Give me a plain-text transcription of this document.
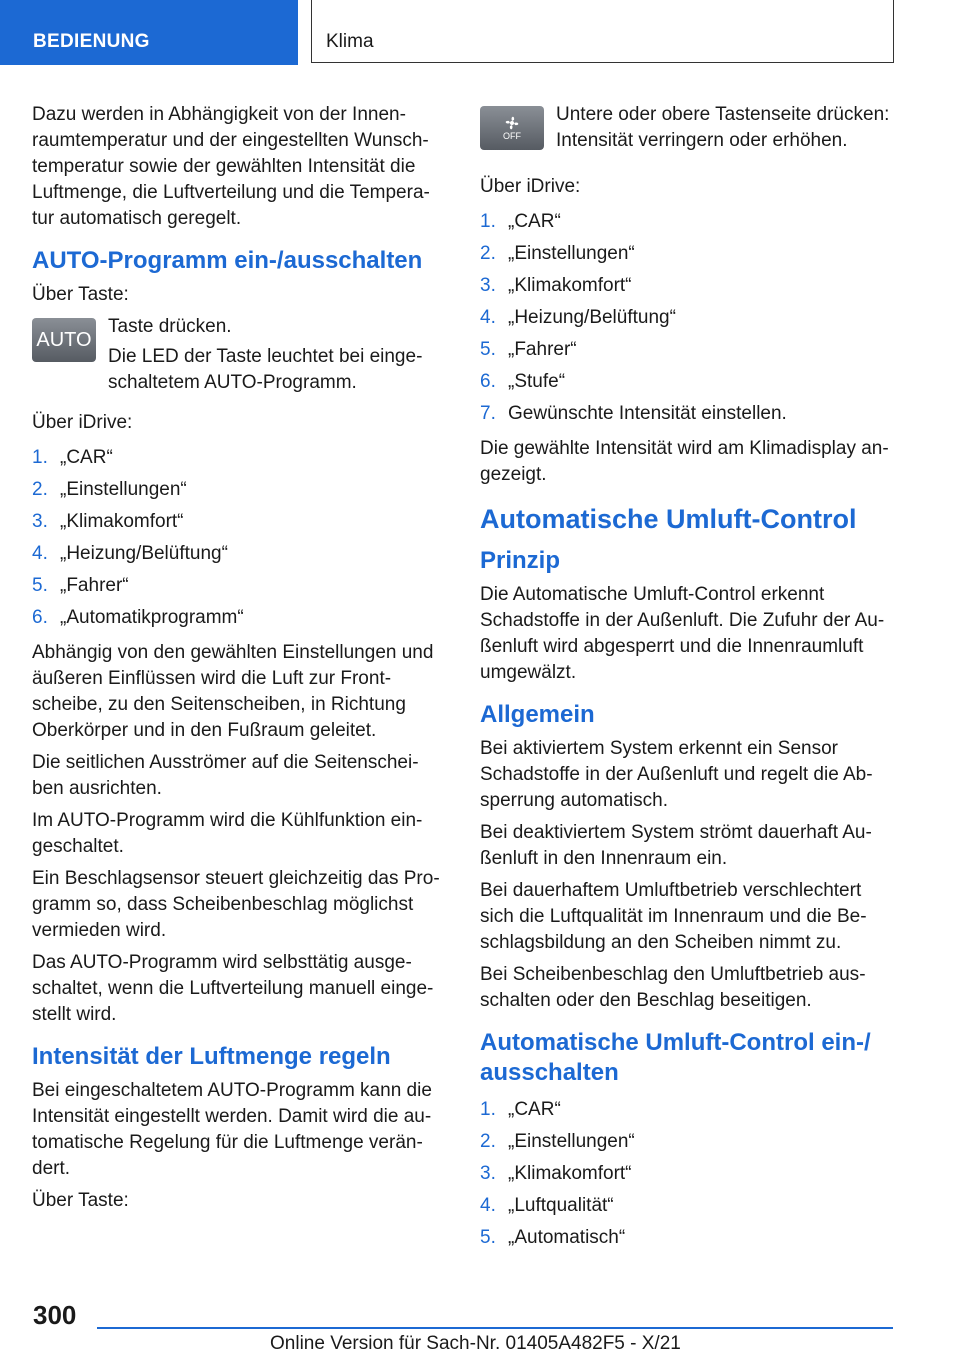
BEDIENUNG	Klima

Dazu werden in Abhängigkeit von der Innenraumtemperatur und der eingestellten Wunschtemperatur sowie der gewählten Intensität die Luftmenge, die Luftverteilung und die Temperatur automatisch geregelt.

AUTO-Programm ein-/ausschalten

Über Taste:

AUTO

Taste drücken.

Die LED der Taste leuchtet bei eingeschaltetem AUTO-Programm.

Über iDrive:

1. „CAR“
2. „Einstellungen“
3. „Klimakomfort“
4. „Heizung/Belüftung“
5. „Fahrer“
6. „Automatikprogramm“

Abhängig von den gewählten Einstellungen und äußeren Einflüssen wird die Luft zur Frontscheibe, zu den Seitenscheiben, in Richtung Oberkörper und in den Fußraum geleitet.

Die seitlichen Ausströmer auf die Seitenscheiben ausrichten.

Im AUTO-Programm wird die Kühlfunktion eingeschaltet.

Ein Beschlagsensor steuert gleichzeitig das Programm so, dass Scheibenbeschlag möglichst vermieden wird.

Das AUTO-Programm wird selbsttätig ausgeschaltet, wenn die Luftverteilung manuell eingestellt wird.

Intensität der Luftmenge regeln

Bei eingeschaltetem AUTO-Programm kann die Intensität eingestellt werden. Damit wird die automatische Regelung für die Luftmenge verändert.

Über Taste:

OFF

Untere oder obere Tastenseite drücken: Intensität verringern oder erhöhen.

Über iDrive:

1. „CAR“
2. „Einstellungen“
3. „Klimakomfort“
4. „Heizung/Belüftung“
5. „Fahrer“
6. „Stufe“
7. Gewünschte Intensität einstellen.

Die gewählte Intensität wird am Klimadisplay angezeigt.

Automatische Umluft-Control
Prinzip

Die Automatische Umluft-Control erkennt Schadstoffe in der Außenluft. Die Zufuhr der Außenluft wird abgesperrt und die Innenraumluft umgewälzt.

Allgemein

Bei aktiviertem System erkennt ein Sensor Schadstoffe in der Außenluft und regelt die Absperrung automatisch.

Bei deaktiviertem System strömt dauerhaft Außenluft in den Innenraum ein.

Bei dauerhaftem Umluftbetrieb verschlechtert sich die Luftqualität im Innenraum und die Beschlagsbildung an den Scheiben nimmt zu.

Bei Scheibenbeschlag den Umluftbetrieb ausschalten oder den Beschlag beseitigen.

Automatische Umluft-Control ein-/ ausschalten
1. „CAR“
2. „Einstellungen“
3. „Klimakomfort“
4. „Luftqualität“
5. „Automatisch“
300
Online Version für Sach-Nr. 01405A482F5 - X/21
